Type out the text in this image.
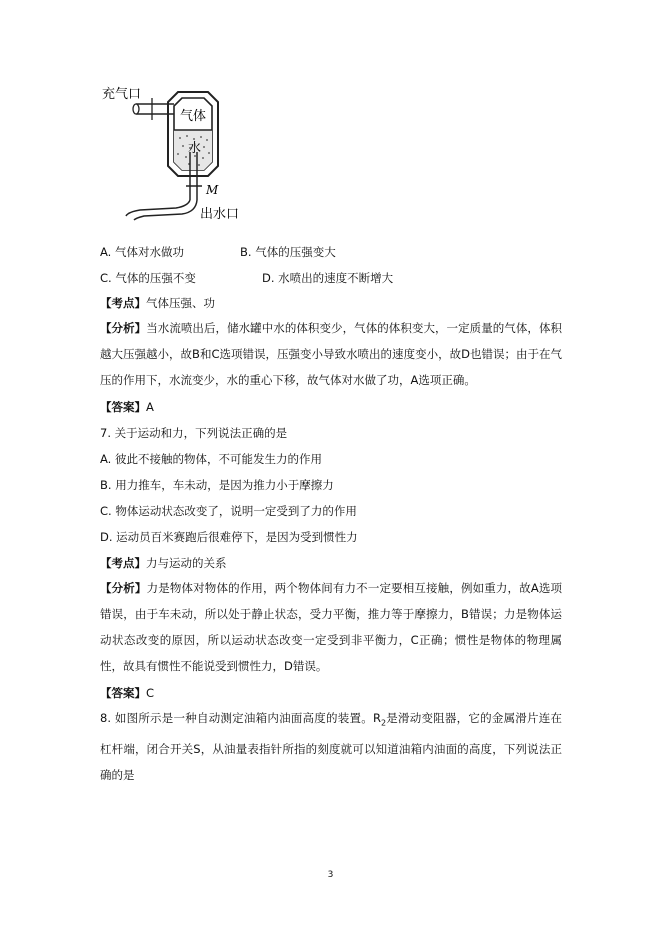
充气口
气体
水
M
出水口
A. 气体对水做功	B. 气体的压强变大
C. 气体的压强不变	D. 水喷出的速度不断增大
【考点】气体压强、功
【分析】当水流喷出后，储水罐中水的体积变少，气体的体积变大，一定质量的气体，体积越大压强越小，故B和C选项错误，压强变小导致水喷出的速度变小，故D也错误；由于在气压的作用下，水流变少，水的重心下移，故气体对水做了功，A选项正确。
【答案】A
7. 关于运动和力，下列说法正确的是
A. 彼此不接触的物体，不可能发生力的作用
B. 用力推车，车未动，是因为推力小于摩擦力
C. 物体运动状态改变了，说明一定受到了力的作用
D. 运动员百米赛跑后很难停下，是因为受到惯性力
【考点】力与运动的关系
【分析】力是物体对物体的作用，两个物体间有力不一定要相互接触，例如重力，故A选项错误，由于车未动，所以处于静止状态，受力平衡，推力等于摩擦力，B错误；力是物体运动状态改变的原因，所以运动状态改变一定受到非平衡力，C正确；惯性是物体的物理属性，故具有惯性不能说受到惯性力，D错误。
【答案】C
8. 如图所示是一种自动测定油箱内油面高度的装置。$R_2$是滑动变阻器，它的金属滑片连在杠杆端，闭合开关S，从油量表指针所指的刻度就可以知道油箱内油面的高度，下列说法正确的是
3
